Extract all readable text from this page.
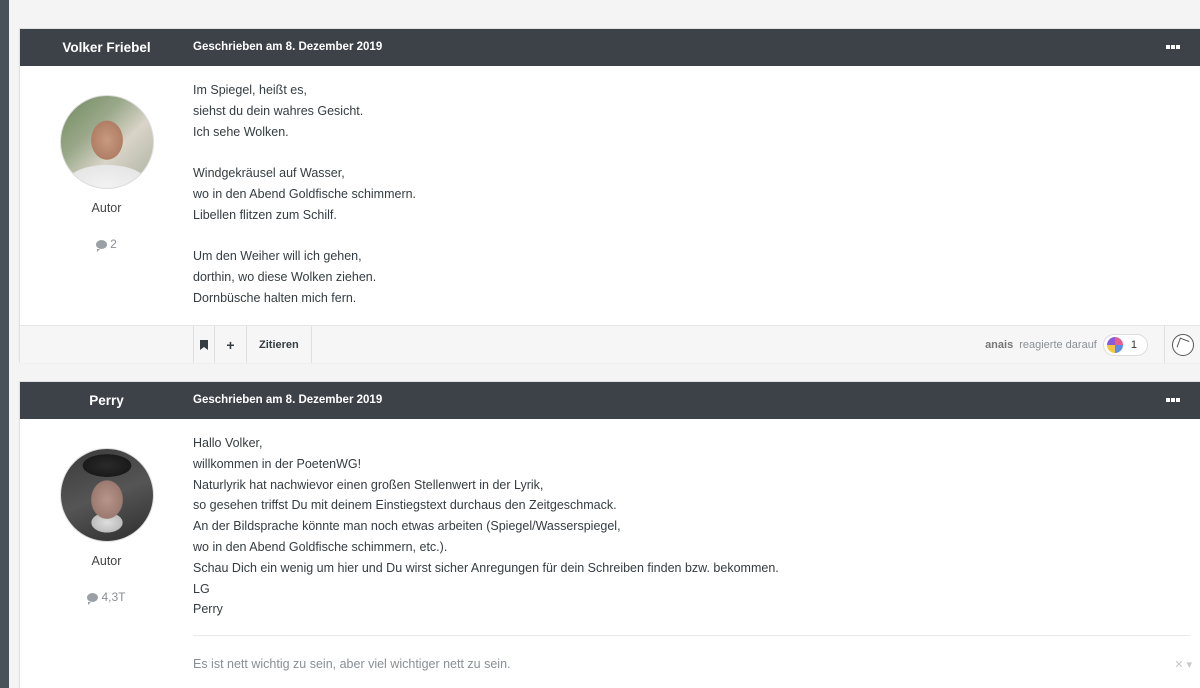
Volker Friebel	Geschrieben am 8. Dezember 2019
Autor
2

Im Spiegel, heißt es,

siehst du dein wahres Gesicht.

Ich sehe Wolken.

Windgekräusel auf Wasser,

wo in den Abend Goldfische schimmern.

Libellen flitzen zum Schilf.

Um den Weiher will ich gehen,

dorthin, wo diese Wolken ziehen.

Dornbüsche halten mich fern.

+	Zitieren	anais reagierte darauf	1
Perry	Geschrieben am 8. Dezember 2019
Autor
4,3T

Hallo Volker,

willkommen in der PoetenWG!

Naturlyrik hat nachwievor einen großen Stellenwert in der Lyrik,

so gesehen triffst Du mit deinem Einstiegstext durchaus den Zeitgeschmack.

An der Bildsprache könnte man noch etwas arbeiten (Spiegel/Wasserspiegel,

wo in den Abend Goldfische schimmern, etc.).

Schau Dich ein wenig um hier und Du wirst sicher Anregungen für dein Schreiben finden bzw. bekommen.

LG

Perry

Es ist nett wichtig zu sein, aber viel wichtiger nett zu sein.	✕ ▾
